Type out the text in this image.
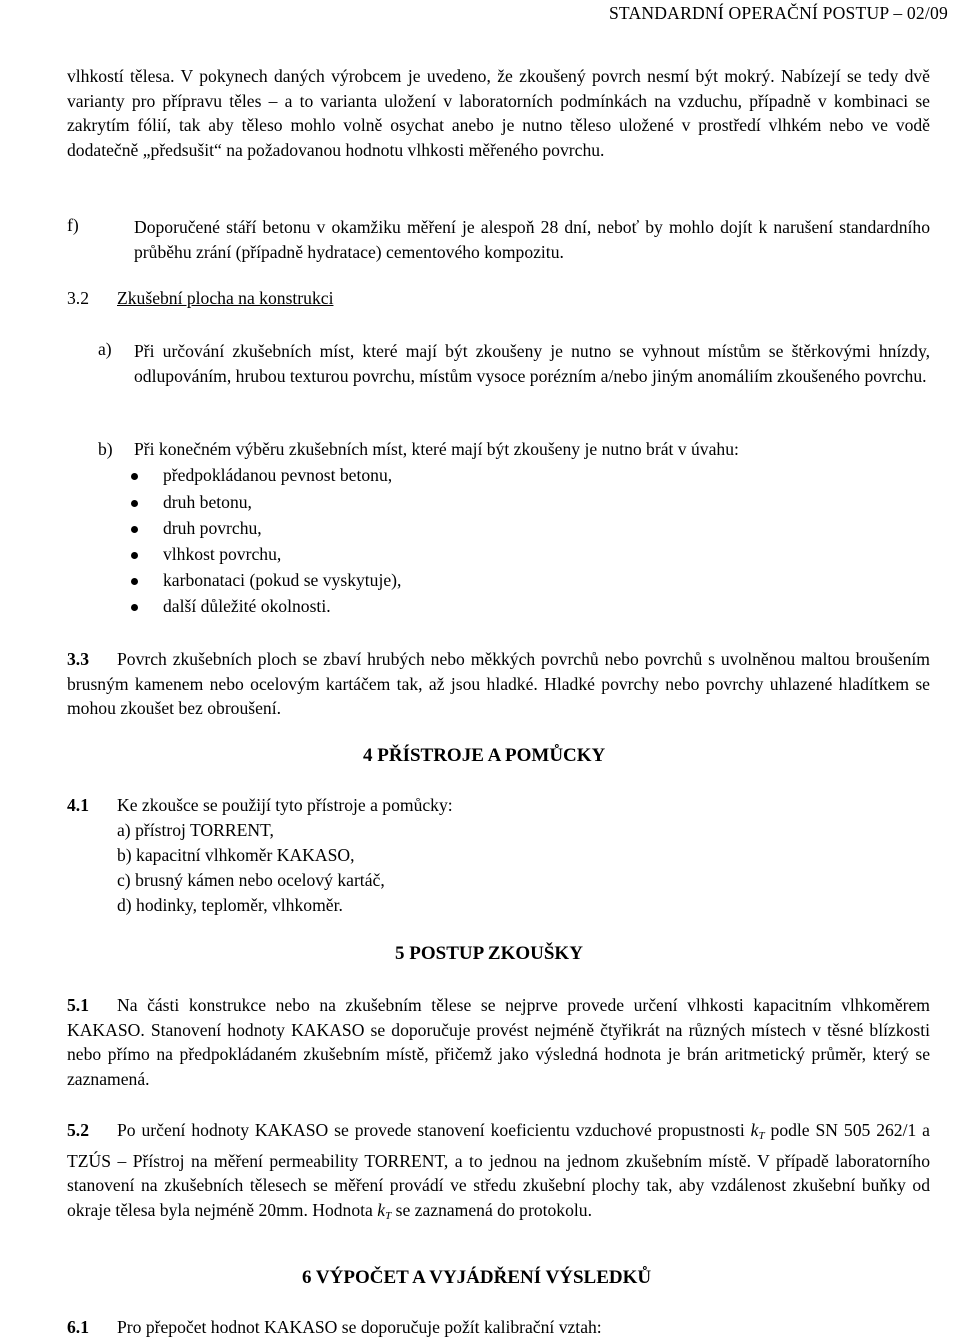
STANDARDNÍ OPERAČNÍ POSTUP – 02/09
vlhkostí tělesa. V pokynech daných výrobcem je uvedeno, že zkoušený povrch nesmí být mokrý. Nabízejí se tedy dvě varianty pro přípravu těles – a to varianta uložení v laboratorních podmínkách na vzduchu, případně v kombinaci se zakrytím fólií, tak aby těleso mohlo volně osychat anebo je nutno těleso uložené v prostředí vlhkém nebo ve vodě dodatečně „předsušit“ na požadovanou hodnotu vlhkosti měřeného povrchu.
f)	Doporučené stáří betonu v okamžiku měření je alespoň 28 dní, neboť by mohlo dojít k narušení standardního průběhu zrání (případně hydratace) cementového kompozitu.
3.2 Zkušební plocha na konstrukci
a) Při určování zkušebních míst, které mají být zkoušeny je nutno se vyhnout místům se štěrkovými hnízdy, odlupováním, hrubou texturou povrchu, místům vysoce porézním a/nebo jiným anomáliím zkoušeného povrchu.
b) Při konečném výběru zkušebních míst, které mají být zkoušeny je nutno brát v úvahu:
předpokládanou pevnost betonu,
druh betonu,
druh povrchu,
vlhkost povrchu,
karbonataci (pokud se vyskytuje),
další důležité okolnosti.
3.3 Povrch zkušebních ploch se zbaví hrubých nebo měkkých povrchů nebo povrchů s uvolněnou maltou broušením brusným kamenem nebo ocelovým kartáčem tak, až jsou hladké. Hladké povrchy nebo povrchy uhlazené hladítkem se mohou zkoušet bez obroušení.
4 PŘÍSTROJE A POMŮCKY
4.1 Ke zkoušce se použijí tyto přístroje a pomůcky:
a) přístroj TORRENT,
b) kapacitní vlhkoměr KAKASO,
c) brusný kámen nebo ocelový kartáč,
d) hodinky, teploměr, vlhkoměr.
5 POSTUP ZKOUŠKY
5.1 Na části konstrukce nebo na zkušebním tělese se nejprve provede určení vlhkosti kapacitním vlhkoměrem KAKASO. Stanovení hodnoty KAKASO se doporučuje provést nejméně čtyřikrát na různých místech v těsné blízkosti nebo přímo na předpokládaném zkušebním místě, přičemž jako výsledná hodnota je brán aritmetický průměr, který se zaznamená.
5.2 Po určení hodnoty KAKASO se provede stanovení koeficientu vzduchové propustnosti $k_T$ podle SN 505 262/1 a TZÚS – Přístroj na měření permeability TORRENT, a to jednou na jednom zkušebním místě. V případě laboratorního stanovení na zkušebních tělesech se měření provádí ve středu zkušební plochy tak, aby vzdálenost zkušební buňky od okraje tělesa byla nejméně 20mm. Hodnota $k_T$ se zaznamená do protokolu.
6 VÝPOČET A VYJÁDŘENÍ VÝSLEDKŮ
6.1 Pro přepočet hodnot KAKASO se doporučuje požít kalibrační vztah:
